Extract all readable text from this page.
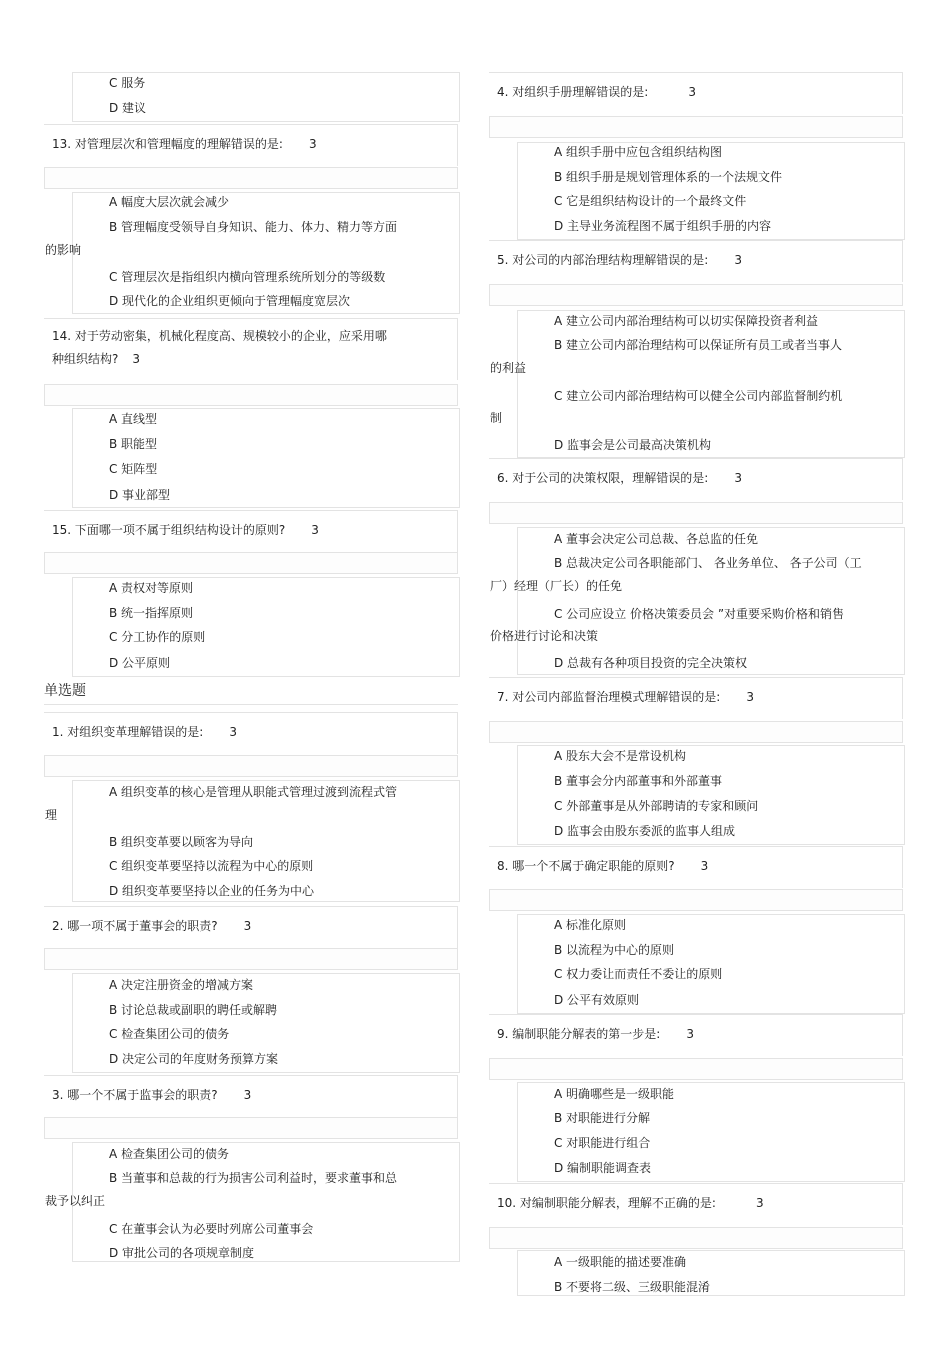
C 服务
D 建议
13. 对管理层次和管理幅度的理解错误的是: 3
A 幅度大层次就会减少
B 管理幅度受领导自身知识、能力、体力、精力等方面
的影响
C 管理层次是指组织内横向管理系统所划分的等级数
D 现代化的企业组织更倾向于管理幅度宽层次
14. 对于劳动密集，机械化程度高、规模较小的企业，应采用哪
种组织结构? 3
A 直线型
B 职能型
C 矩阵型
D 事业部型
15. 下面哪一项不属于组织结构设计的原则? 3
A 责权对等原则
B 统一指挥原则
C 分工协作的原则
D 公平原则
单选题
1. 对组织变革理解错误的是: 3
A 组织变革的核心是管理从职能式管理过渡到流程式管
理
B 组织变革要以顾客为导向
C 组织变革要坚持以流程为中心的原则
D 组织变革要坚持以企业的任务为中心
2. 哪一项不属于董事会的职责? 3
A 决定注册资金的增减方案
B 讨论总裁或副职的聘任或解聘
C 检查集团公司的债务
D 决定公司的年度财务预算方案
3. 哪一个不属于监事会的职责? 3
A 检查集团公司的债务
B 当董事和总裁的行为损害公司利益时，要求董事和总
裁予以纠正
C 在董事会认为必要时列席公司董事会
D 审批公司的各项规章制度
4. 对组织手册理解错误的是:	3
A 组织手册中应包含组织结构图
B 组织手册是规划管理体系的一个法规文件
C 它是组织结构设计的一个最终文件
D 主导业务流程图不属于组织手册的内容
5. 对公司的内部治理结构理解错误的是: 3
A 建立公司内部治理结构可以切实保障投资者利益
B 建立公司内部治理结构可以保证所有员工或者当事人
的利益
C 建立公司内部治理结构可以健全公司内部监督制约机
制
D 监事会是公司最高决策机构
6. 对于公司的决策权限，理解错误的是: 3
A 董事会决定公司总裁、各总监的任免
B 总裁决定公司各职能部门、 各业务单位、 各子公司（工
厂）经理（厂长）的任免
C 公司应设立 价格决策委员会 ”对重要采购价格和销售
价格进行讨论和决策
D 总裁有各种项目投资的完全决策权
7. 对公司内部监督治理模式理解错误的是: 3
A 股东大会不是常设机构
B 董事会分内部董事和外部董事
C 外部董事是从外部聘请的专家和顾问
D 监事会由股东委派的监事人组成
8. 哪一个不属于确定职能的原则? 3
A 标准化原则
B 以流程为中心的原则
C 权力委让而责任不委让的原则
D 公平有效原则
9. 编制职能分解表的第一步是: 3
A 明确哪些是一级职能
B 对职能进行分解
C 对职能进行组合
D 编制职能调查表
10. 对编制职能分解表，理解不正确的是:	3
A 一级职能的描述要准确
B 不要将二级、三级职能混淆
